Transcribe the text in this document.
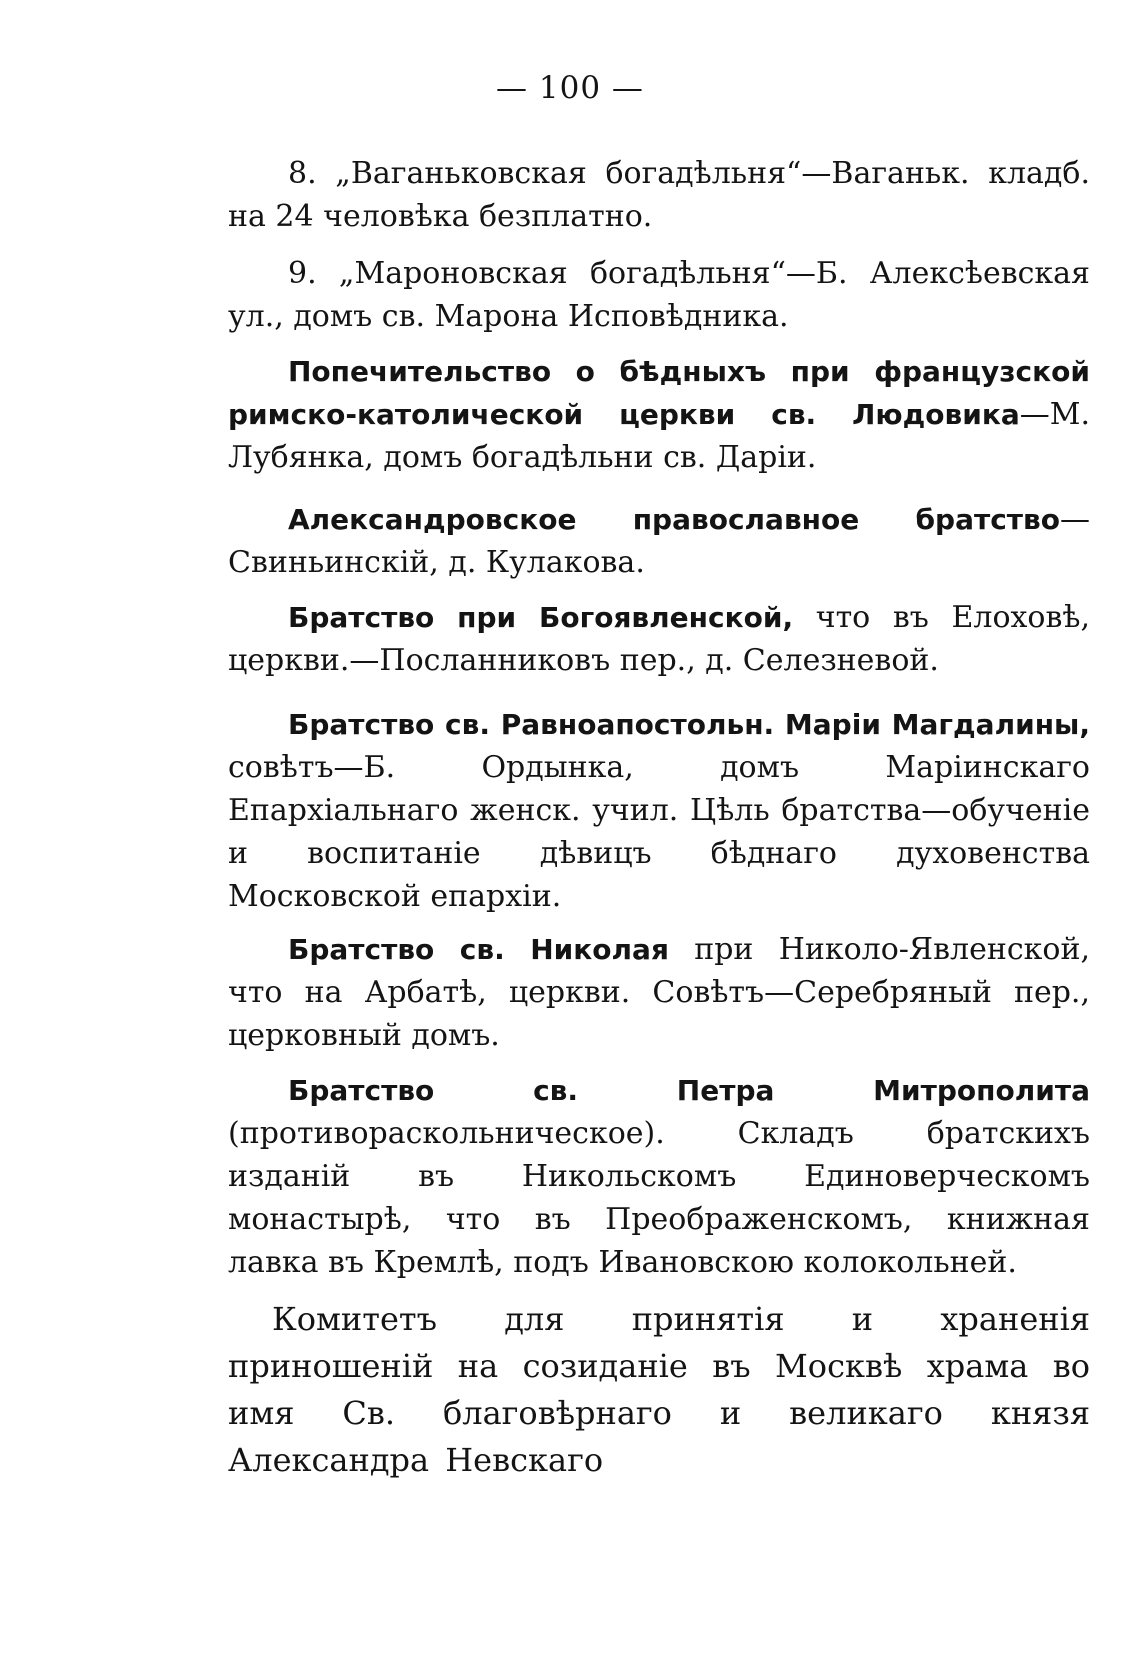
— 100 —
8. „Ваганьковская богадѣльня“—Ваганьк. кладб. на 24 человѣка безплатно.
9. „Мароновская богадѣльня“—Б. Алексѣевская ул., домъ св. Марона Исповѣдника.
Попечительство о бѣдныхъ при французской римско-католической церкви св. Людовика—М. Лубянка, домъ богадѣльни св. Даріи.
Александровское православное братство—Свиньинскій, д. Кулакова.
Братство при Богоявленской, что въ Елоховѣ, церкви.—Посланниковъ пер., д. Селезневой.
Братство св. Равноапостольн. Маріи Магдалины, совѣтъ—Б. Ордынка, домъ Маріинскаго Епархіальнаго женск. учил. Цѣль братства—обученіе и воспитаніе дѣвицъ бѣднаго духовенства Московской епархіи.
Братство св. Николая при Николо-Явленской, что на Арбатѣ, церкви. Совѣтъ—Серебряный пер., церковный домъ.
Братство св. Петра Митрополита (противораскольническое). Складъ братскихъ изданій въ Никольскомъ Единоверческомъ монастырѣ, что въ Преображенскомъ, книжная лавка въ Кремлѣ, подъ Ивановскою колокольней.
Комитетъ для принятія и храненія приношеній на созиданіе въ Москвѣ храма во имя Св. благовѣрнаго и великаго князя Александра Невскаго
